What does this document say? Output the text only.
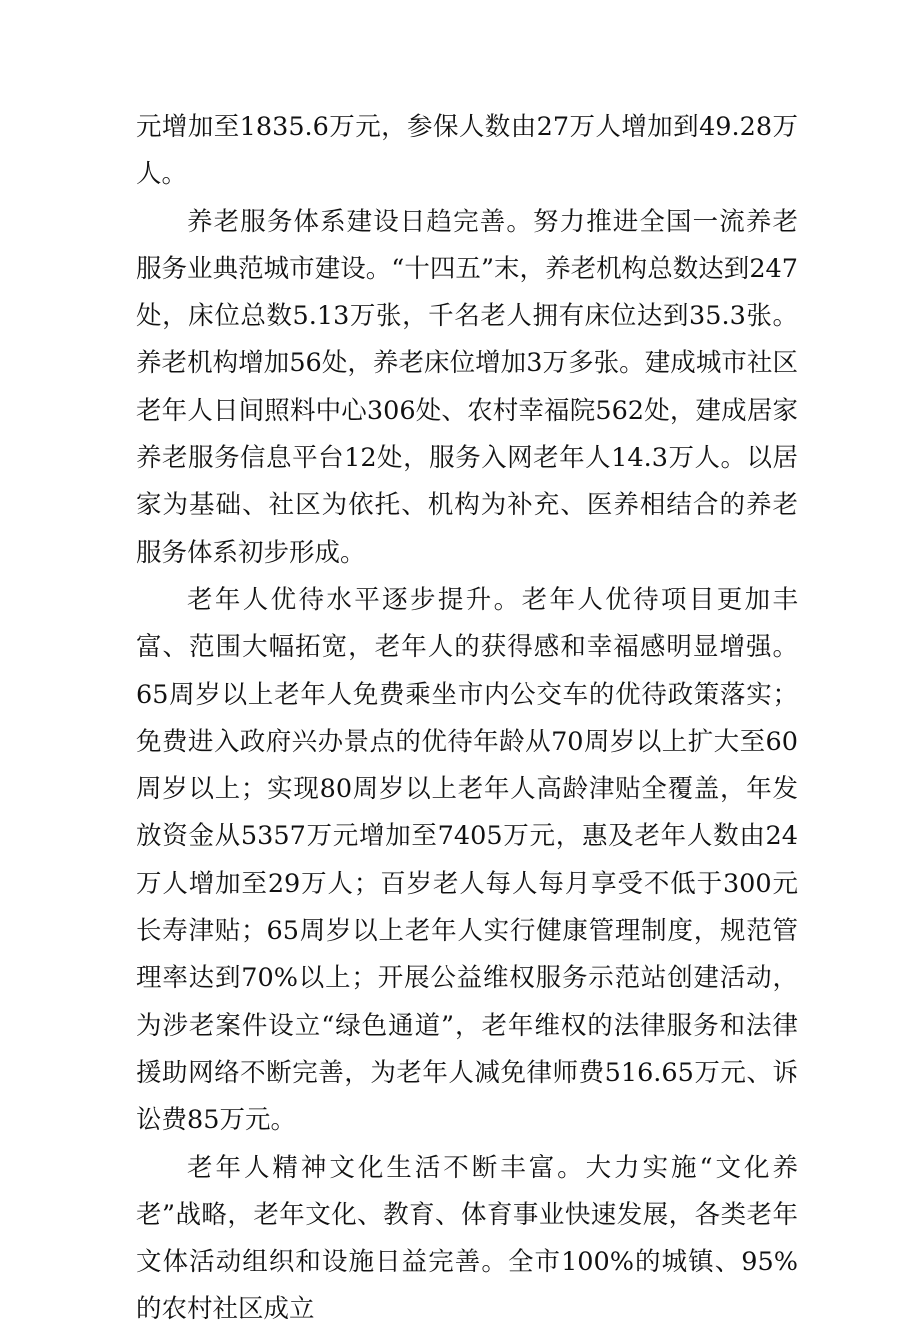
元增加至1835.6万元，参保人数由27万人增加到49.28万人。

养老服务体系建设日趋完善。努力推进全国一流养老服务业典范城市建设。“十四五”末，养老机构总数达到247处，床位总数5.13万张，千名老人拥有床位达到35.3张。养老机构增加56处，养老床位增加3万多张。建成城市社区老年人日间照料中心306处、农村幸福院562处，建成居家养老服务信息平台12处，服务入网老年人14.3万人。以居家为基础、社区为依托、机构为补充、医养相结合的养老服务体系初步形成。

老年人优待水平逐步提升。老年人优待项目更加丰富、范围大幅拓宽，老年人的获得感和幸福感明显增强。65周岁以上老年人免费乘坐市内公交车的优待政策落实；免费进入政府兴办景点的优待年龄从70周岁以上扩大至60周岁以上；实现80周岁以上老年人高龄津贴全覆盖，年发放资金从5357万元增加至7405万元，惠及老年人数由24万人增加至29万人；百岁老人每人每月享受不低于300元长寿津贴；65周岁以上老年人实行健康管理制度，规范管理率达到70%以上；开展公益维权服务示范站创建活动，为涉老案件设立“绿色通道”，老年维权的法律服务和法律援助网络不断完善，为老年人减免律师费516.65万元、诉讼费85万元。

老年人精神文化生活不断丰富。大力实施“文化养老”战略，老年文化、教育、体育事业快速发展，各类老年文体活动组织和设施日益完善。全市100%的城镇、95%的农村社区成立
